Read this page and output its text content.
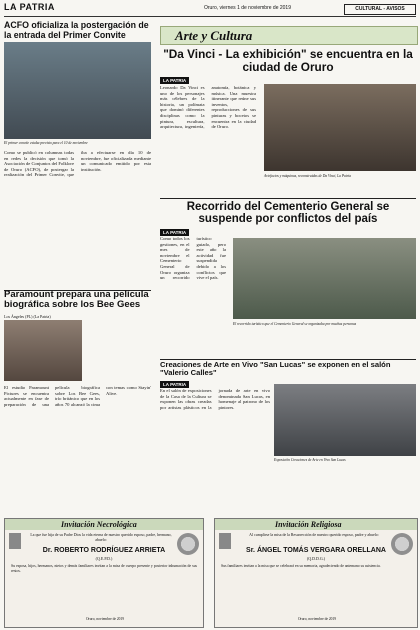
LA PATRIA	Oruro, viernes 1 de noviembre de 2019	CULTURAL - AVISOS
ACFO oficializa la postergación de la entrada del Primer Convite
El primer convite estaba previsto para el 10 de noviembre
Como se publicó en columnas todas en redes la decisión que tomó la Asociación de Conjuntos del Folklore de Oruro (ACFO), de postergar la realización del Primer Convite, que iba a efectuarse en día 10 de noviembre, fue oficializada mediante un comunicado emitido por esta institución.
Paramount prepara una película biográfica sobre los Bee Gees
Los Ángeles (PL) (La Patria)
El estudio Paramount Pictures se encuentra actualmente en fase de preparación de una película biográfica sobre Los Bee Gees, trío británico que en los años 70 alcanzó la cima con temas como Stayin' Alive.
Arte y Cultura
"Da Vinci - La exhibición" se encuentra en la ciudad de Oruro
LA PATRIA
Leonardo Da Vinci es uno de los personajes más célebres de la historia, un polímata que dominó diferentes disciplinas como la pintura, escultura, arquitectura, ingeniería, anatomía, botánica y música. Una muestra itinerante que reúne sus inventos, reproducciones de sus pinturas y bocetos se encuentra en la ciudad de Oruro.
Artefactos y máquinas, reconstruidas de Da Vinci, La Patria
Recorrido del Cementerio General se suspende por conflictos del país
LA PATRIA
Como todos los gestiones, en el mes de noviembre el Cementerio General de Oruro organiza un recorrido turístico guiado, pero este año la actividad fue suspendida debido a los conflictos que vive el país.
El recorrido turístico que el Cementerio General se organizaba por muchas personas
Creaciones de Arte en Vivo "San Lucas" se exponen en el salón "Valerio Calles"
LA PATRIA
En el salón de exposiciones de la Casa de la Cultura se exponen las obras creadas por artistas plásticos en la jornada de arte en vivo denominada San Lucas, en homenaje al patrono de los pintores.
Exposición Creaciones de Arte en Vivo San Lucas
Invitación Necrológica
La que fue hija de su Padre Dios la vida eterna de nuestro querido esposo, padre, hermano, abuelo:
Dr. ROBERTO RODRÍGUEZ ARRIETA
(Q.E.P.D.)
Su esposa, hijos, hermanos, nietos y demás familiares invitan a la misa de cuerpo presente y posterior inhumación de sus restos.
Oruro, noviembre de 2019
Invitación Religiosa
Al cumplirse la misa de la Resurrección de nuestro querido esposo, padre y abuelo:
Sr. ÁNGEL TOMÁS VERGARA ORELLANA
(Q.D.D.G.)
Sus familiares invitan a la misa que se celebrará en su memoria, agradeciendo de antemano su asistencia.
Oruro, noviembre de 2019
